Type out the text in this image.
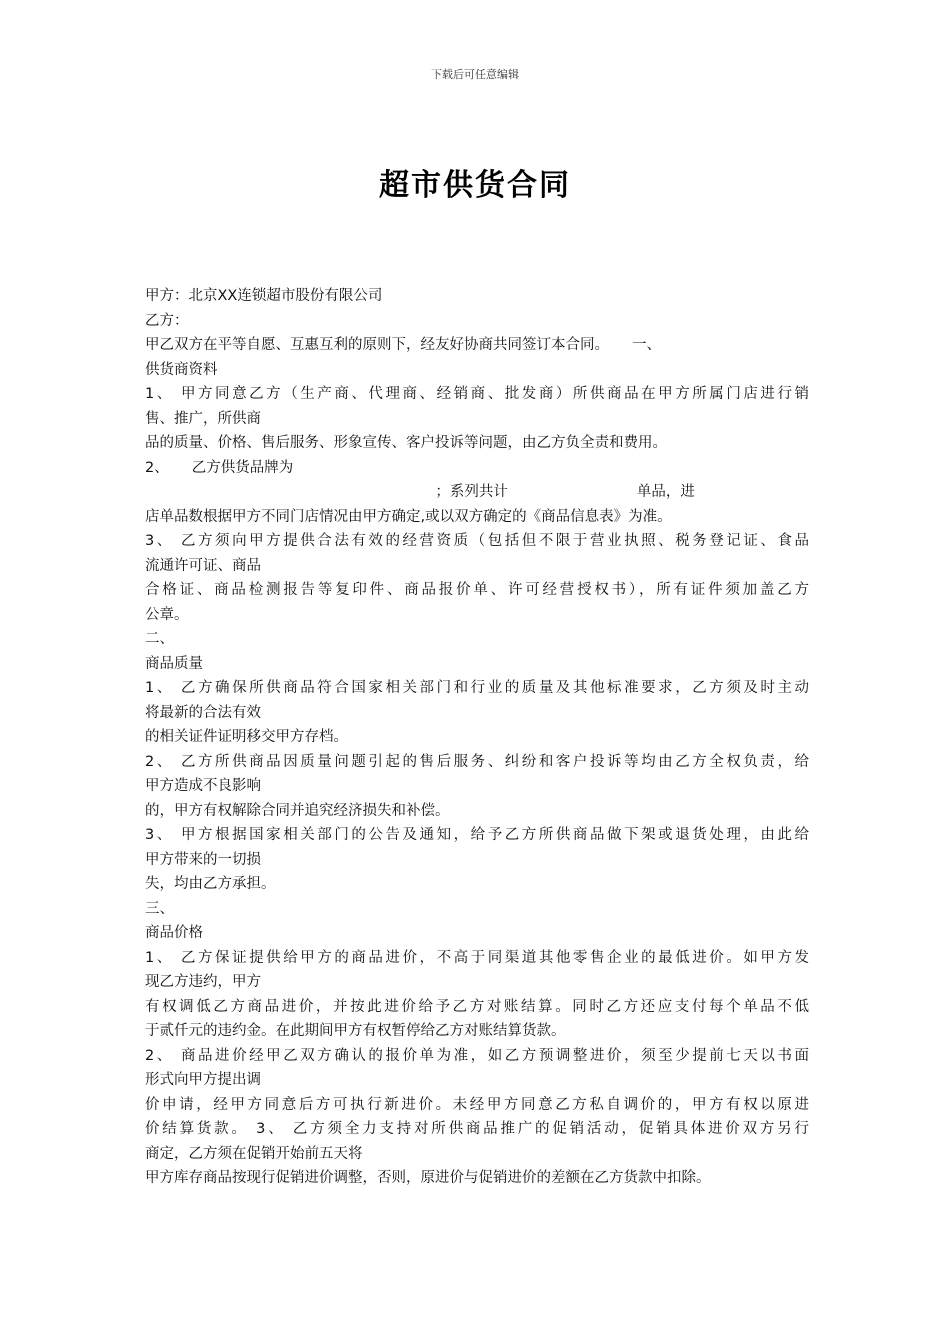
下载后可任意编辑
超市供货合同
甲方：北京XX连锁超市股份有限公司
乙方：
甲乙双方在平等自愿、互惠互利的原则下，经友好协商共同签订本合同。     一、
供货商资料
1、 甲方同意乙方（生产商、代理商、经销商、批发商）所供商品在甲方所属门店进行销
售、推广，所供商
品的质量、价格、售后服务、形象宣传、客户投诉等问题，由乙方负全责和费用。
2、     乙方供货品牌为
；系列共计                            单品，进
店单品数根据甲方不同门店情况由甲方确定,或以双方确定的《商品信息表》为准。
3、 乙方须向甲方提供合法有效的经营资质（包括但不限于营业执照、税务登记证、食品
流通许可证、商品
合格证、商品检测报告等复印件、商品报价单、许可经营授权书），所有证件须加盖乙方
公章。
二、
商品质量
1、 乙方确保所供商品符合国家相关部门和行业的质量及其他标准要求，乙方须及时主动
将最新的合法有效
的相关证件证明移交甲方存档。
2、 乙方所供商品因质量问题引起的售后服务、纠纷和客户投诉等均由乙方全权负责，给
甲方造成不良影响
的，甲方有权解除合同并追究经济损失和补偿。
3、 甲方根据国家相关部门的公告及通知，给予乙方所供商品做下架或退货处理，由此给
甲方带来的一切损
失，均由乙方承担。
三、
商品价格
1、 乙方保证提供给甲方的商品进价，不高于同渠道其他零售企业的最低进价。如甲方发
现乙方违约，甲方
有权调低乙方商品进价，并按此进价给予乙方对账结算。同时乙方还应支付每个单品不低
于贰仟元的违约金。在此期间甲方有权暂停给乙方对账结算货款。
2、 商品进价经甲乙双方确认的报价单为准，如乙方预调整进价，须至少提前七天以书面
形式向甲方提出调
价申请，经甲方同意后方可执行新进价。未经甲方同意乙方私自调价的，甲方有权以原进
价结算货款。 3、 乙方须全力支持对所供商品推广的促销活动，促销具体进价双方另行
商定，乙方须在促销开始前五天将
甲方库存商品按现行促销进价调整，否则，原进价与促销进价的差额在乙方货款中扣除。
